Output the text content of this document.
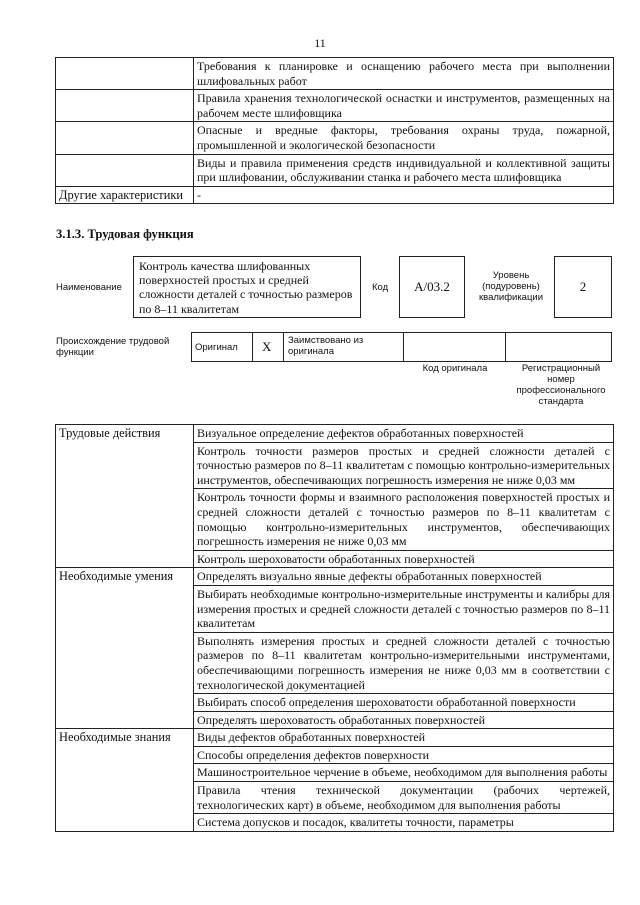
11
	Требования к планировке и оснащению рабочего места при выполнении шлифовальных работ
	Правила хранения технологической оснастки и инструментов, размещенных на рабочем месте шлифовщика
	Опасные и вредные факторы, требования охраны труда, пожарной, промышленной и экологической безопасности
	Виды и правила применения средств индивидуальной и коллективной защиты при шлифовании, обслуживании станка и рабочего места шлифовщика
Другие характеристики	-
3.1.3. Трудовая функция
Наименование
Контроль качества шлифованных поверхностей простых и средней сложности деталей с точностью размеров по 8–11 квалитетам
Код	A/03.2
Уровень (подуровень) квалификации
2
Происхождение трудовой функции	Оригинал X Заимствовано из оригинала
Код оригинала	Регистрационный номер профессионального стандарта
Трудовые действия	Визуальное определение дефектов обработанных поверхностей
	Контроль точности размеров простых и средней сложности деталей с точностью размеров по 8–11 квалитетам с помощью контрольно-измерительных инструментов, обеспечивающих погрешность измерения не ниже 0,03 мм
	Контроль точности формы и взаимного расположения поверхностей простых и средней сложности деталей с точностью размеров по 8–11 квалитетам с помощью контрольно-измерительных инструментов, обеспечивающих погрешность измерения не ниже 0,03 мм
	Контроль шероховатости обработанных поверхностей
Необходимые умения	Определять визуально явные дефекты обработанных поверхностей
	Выбирать необходимые контрольно-измерительные инструменты и калибры для измерения простых и средней сложности деталей с точностью размеров по 8–11 квалитетам
	Выполнять измерения простых и средней сложности деталей с точностью размеров по 8–11 квалитетам контрольно-измерительными инструментами, обеспечивающими погрешность измерения не ниже 0,03 мм в соответствии с технологической документацией
	Выбирать способ определения шероховатости обработанной поверхности
	Определять шероховатость обработанных поверхностей
Необходимые знания	Виды дефектов обработанных поверхностей
	Способы определения дефектов поверхности
	Машиностроительное черчение в объеме, необходимом для выполнения работы
	Правила чтения технической документации (рабочих чертежей, технологических карт) в объеме, необходимом для выполнения работы
	Система допусков и посадок, квалитеты точности, параметры
